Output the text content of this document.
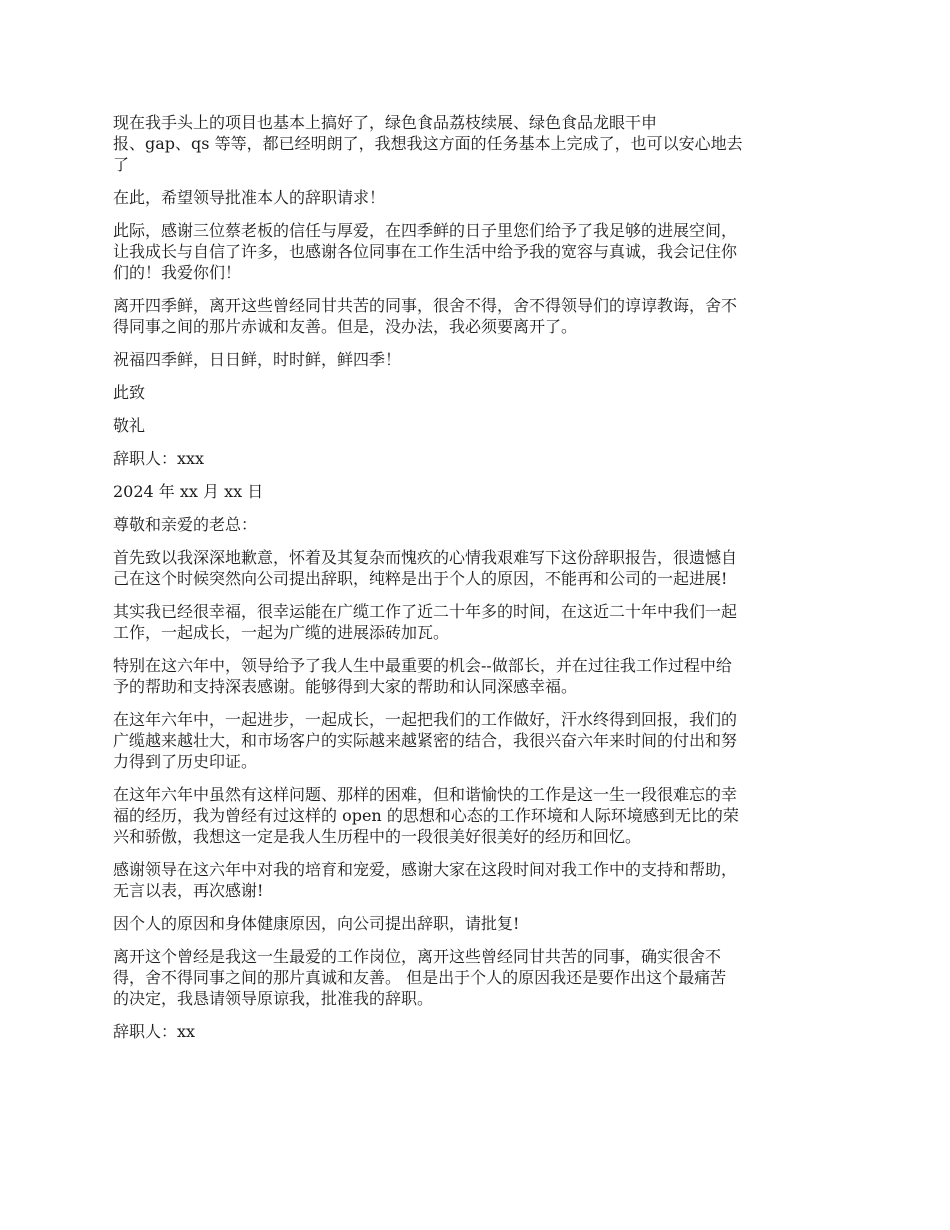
现在我手头上的项目也基本上搞好了，绿色食品荔枝续展、绿色食品龙眼干申
报、gap、qs 等等，都已经明朗了，我想我这方面的任务基本上完成了，也可以安心地去
了

在此，希望领导批准本人的辞职请求！

此际，感谢三位蔡老板的信任与厚爱，在四季鲜的日子里您们给予了我足够的进展空间，
让我成长与自信了许多，也感谢各位同事在工作生活中给予我的宽容与真诚，我会记住你
们的！我爱你们！

离开四季鲜，离开这些曾经同甘共苦的同事，很舍不得，舍不得领导们的谆谆教诲，舍不
得同事之间的那片赤诚和友善。但是，没办法，我必须要离开了。

祝福四季鲜，日日鲜，时时鲜，鲜四季！

此致

敬礼

辞职人：xxx

2024 年 xx 月 xx 日

尊敬和亲爱的老总：

首先致以我深深地歉意，怀着及其复杂而愧疚的心情我艰难写下这份辞职报告，很遗憾自
己在这个时候突然向公司提出辞职，纯粹是出于个人的原因，不能再和公司的一起进展!

其实我已经很幸福，很幸运能在广缆工作了近二十年多的时间，在这近二十年中我们一起
工作，一起成长，一起为广缆的进展添砖加瓦。

特别在这六年中，领导给予了我人生中最重要的机会--做部长，并在过往我工作过程中给
予的帮助和支持深表感谢。能够得到大家的帮助和认同深感幸福。

在这年六年中，一起进步，一起成长，一起把我们的工作做好，汗水终得到回报，我们的
广缆越来越壮大，和市场客户的实际越来越紧密的结合，我很兴奋六年来时间的付出和努
力得到了历史印证。

在这年六年中虽然有这样问题、那样的困难，但和谐愉快的工作是这一生一段很难忘的幸
福的经历，我为曾经有过这样的 open 的思想和心态的工作环境和人际环境感到无比的荣
兴和骄傲，我想这一定是我人生历程中的一段很美好很美好的经历和回忆。

感谢领导在这六年中对我的培育和宠爱，感谢大家在这段时间对我工作中的支持和帮助，
无言以表，再次感谢!

因个人的原因和身体健康原因，向公司提出辞职，请批复!

离开这个曾经是我这一生最爱的工作岗位，离开这些曾经同甘共苦的同事，确实很舍不
得，舍不得同事之间的那片真诚和友善。 但是出于个人的原因我还是要作出这个最痛苦
的决定，我恳请领导原谅我，批准我的辞职。

辞职人：xx
